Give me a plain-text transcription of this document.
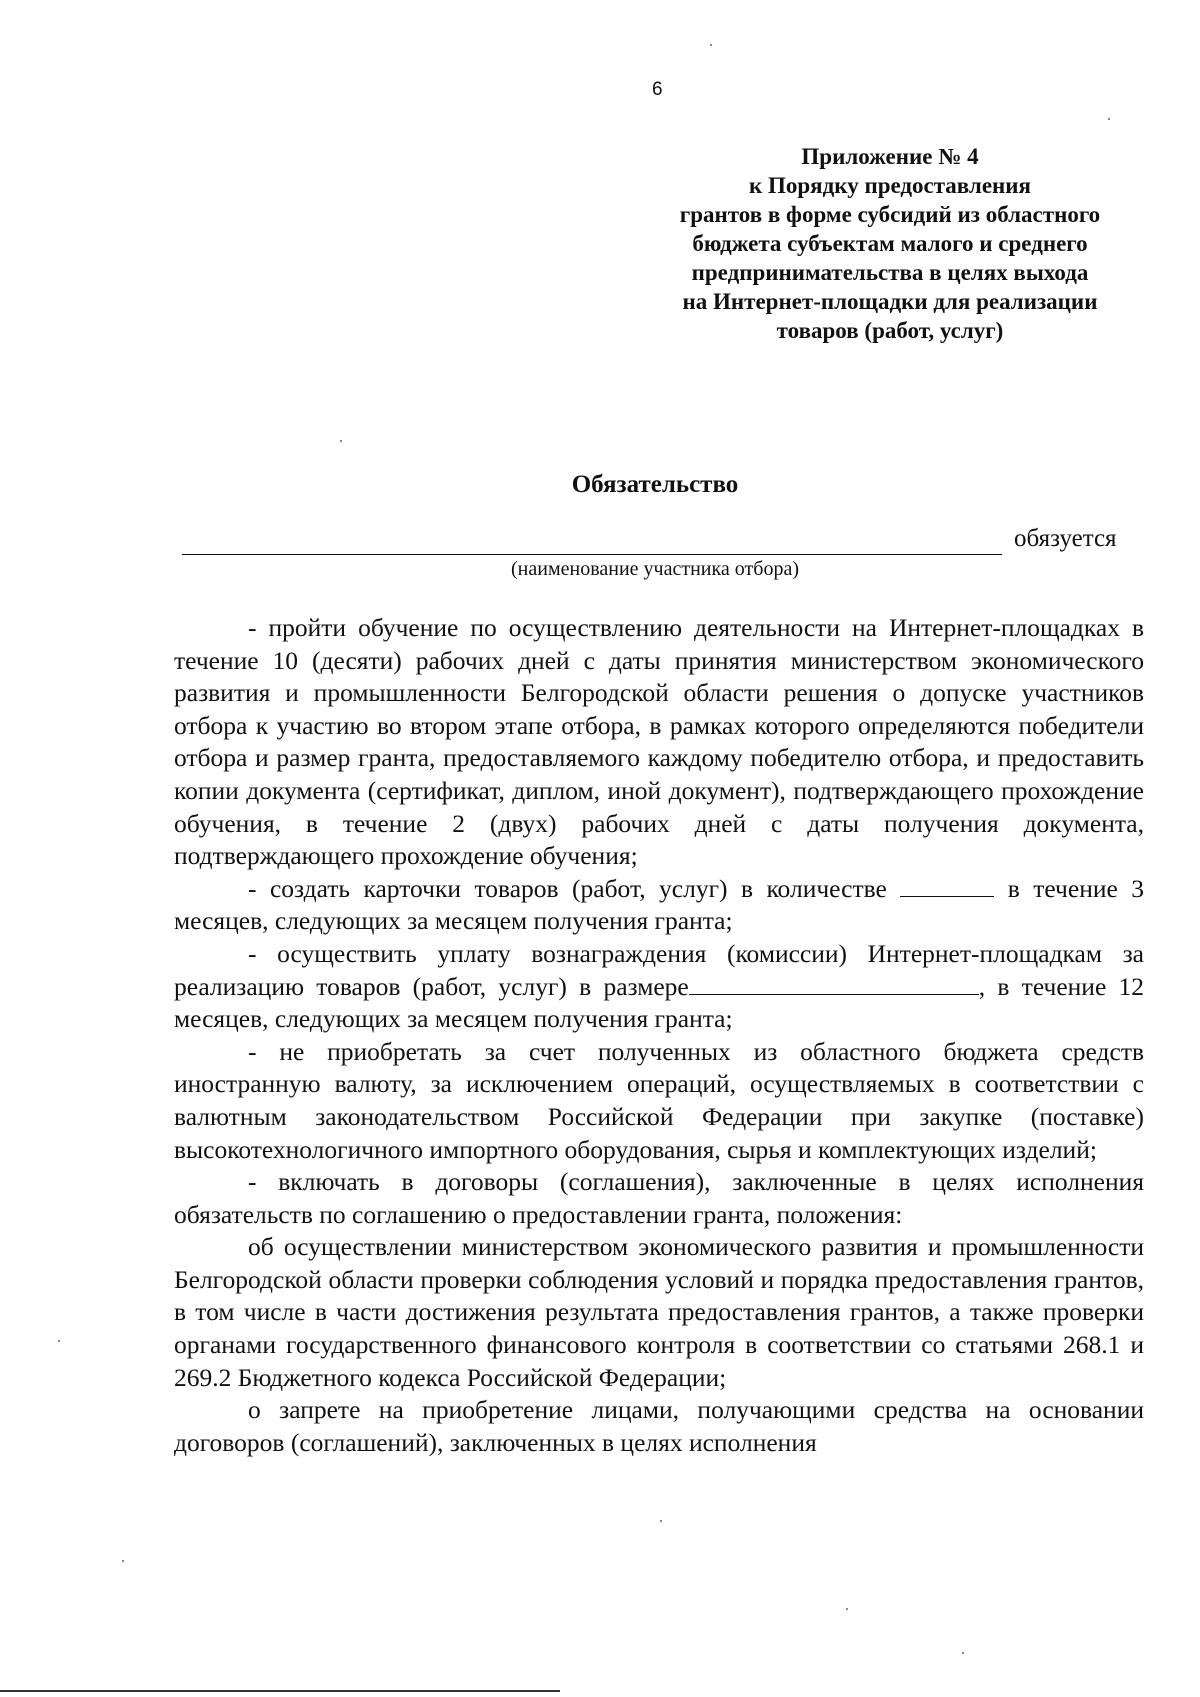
6
Приложение № 4
к Порядку предоставления
грантов в форме субсидий из областного
бюджета субъектам малого и среднего
предпринимательства в целях выхода
на Интернет-площадки для реализации
товаров (работ, услуг)
Обязательство
обязуется
(наименование участника отбора)

- пройти обучение по осуществлению деятельности на Интернет-площадках в течение 10 (десяти) рабочих дней с даты принятия министерством экономического развития и промышленности Белгородской области решения о допуске участников отбора к участию во втором этапе отбора, в рамках которого определяются победители отбора и размер гранта, предоставляемого каждому победителю отбора, и предоставить копии документа (сертификат, диплом, иной документ), подтверждающего прохождение обучения, в течение 2 (двух) рабочих дней с даты получения документа, подтверждающего прохождение обучения;

- создать карточки товаров (работ, услуг) в количестве	в течение 3 месяцев, следующих за месяцем получения гранта;

- осуществить уплату вознаграждения (комиссии) Интернет-площадкам за реализацию товаров (работ, услуг) в размере	, в течение 12 месяцев, следующих за месяцем получения гранта;

- не приобретать за счет полученных из областного бюджета средств иностранную валюту, за исключением операций, осуществляемых в соответствии с валютным законодательством Российской Федерации при закупке (поставке) высокотехнологичного импортного оборудования, сырья и комплектующих изделий;

- включать в договоры (соглашения), заключенные в целях исполнения обязательств по соглашению о предоставлении гранта, положения:

об осуществлении министерством экономического развития и промышленности Белгородской области проверки соблюдения условий и порядка предоставления грантов, в том числе в части достижения результата предоставления грантов, а также проверки органами государственного финансового контроля в соответствии со статьями 268.1 и 269.2 Бюджетного кодекса Российской Федерации;

о запрете на приобретение лицами, получающими средства на основании договоров (соглашений), заключенных в целях исполнения
